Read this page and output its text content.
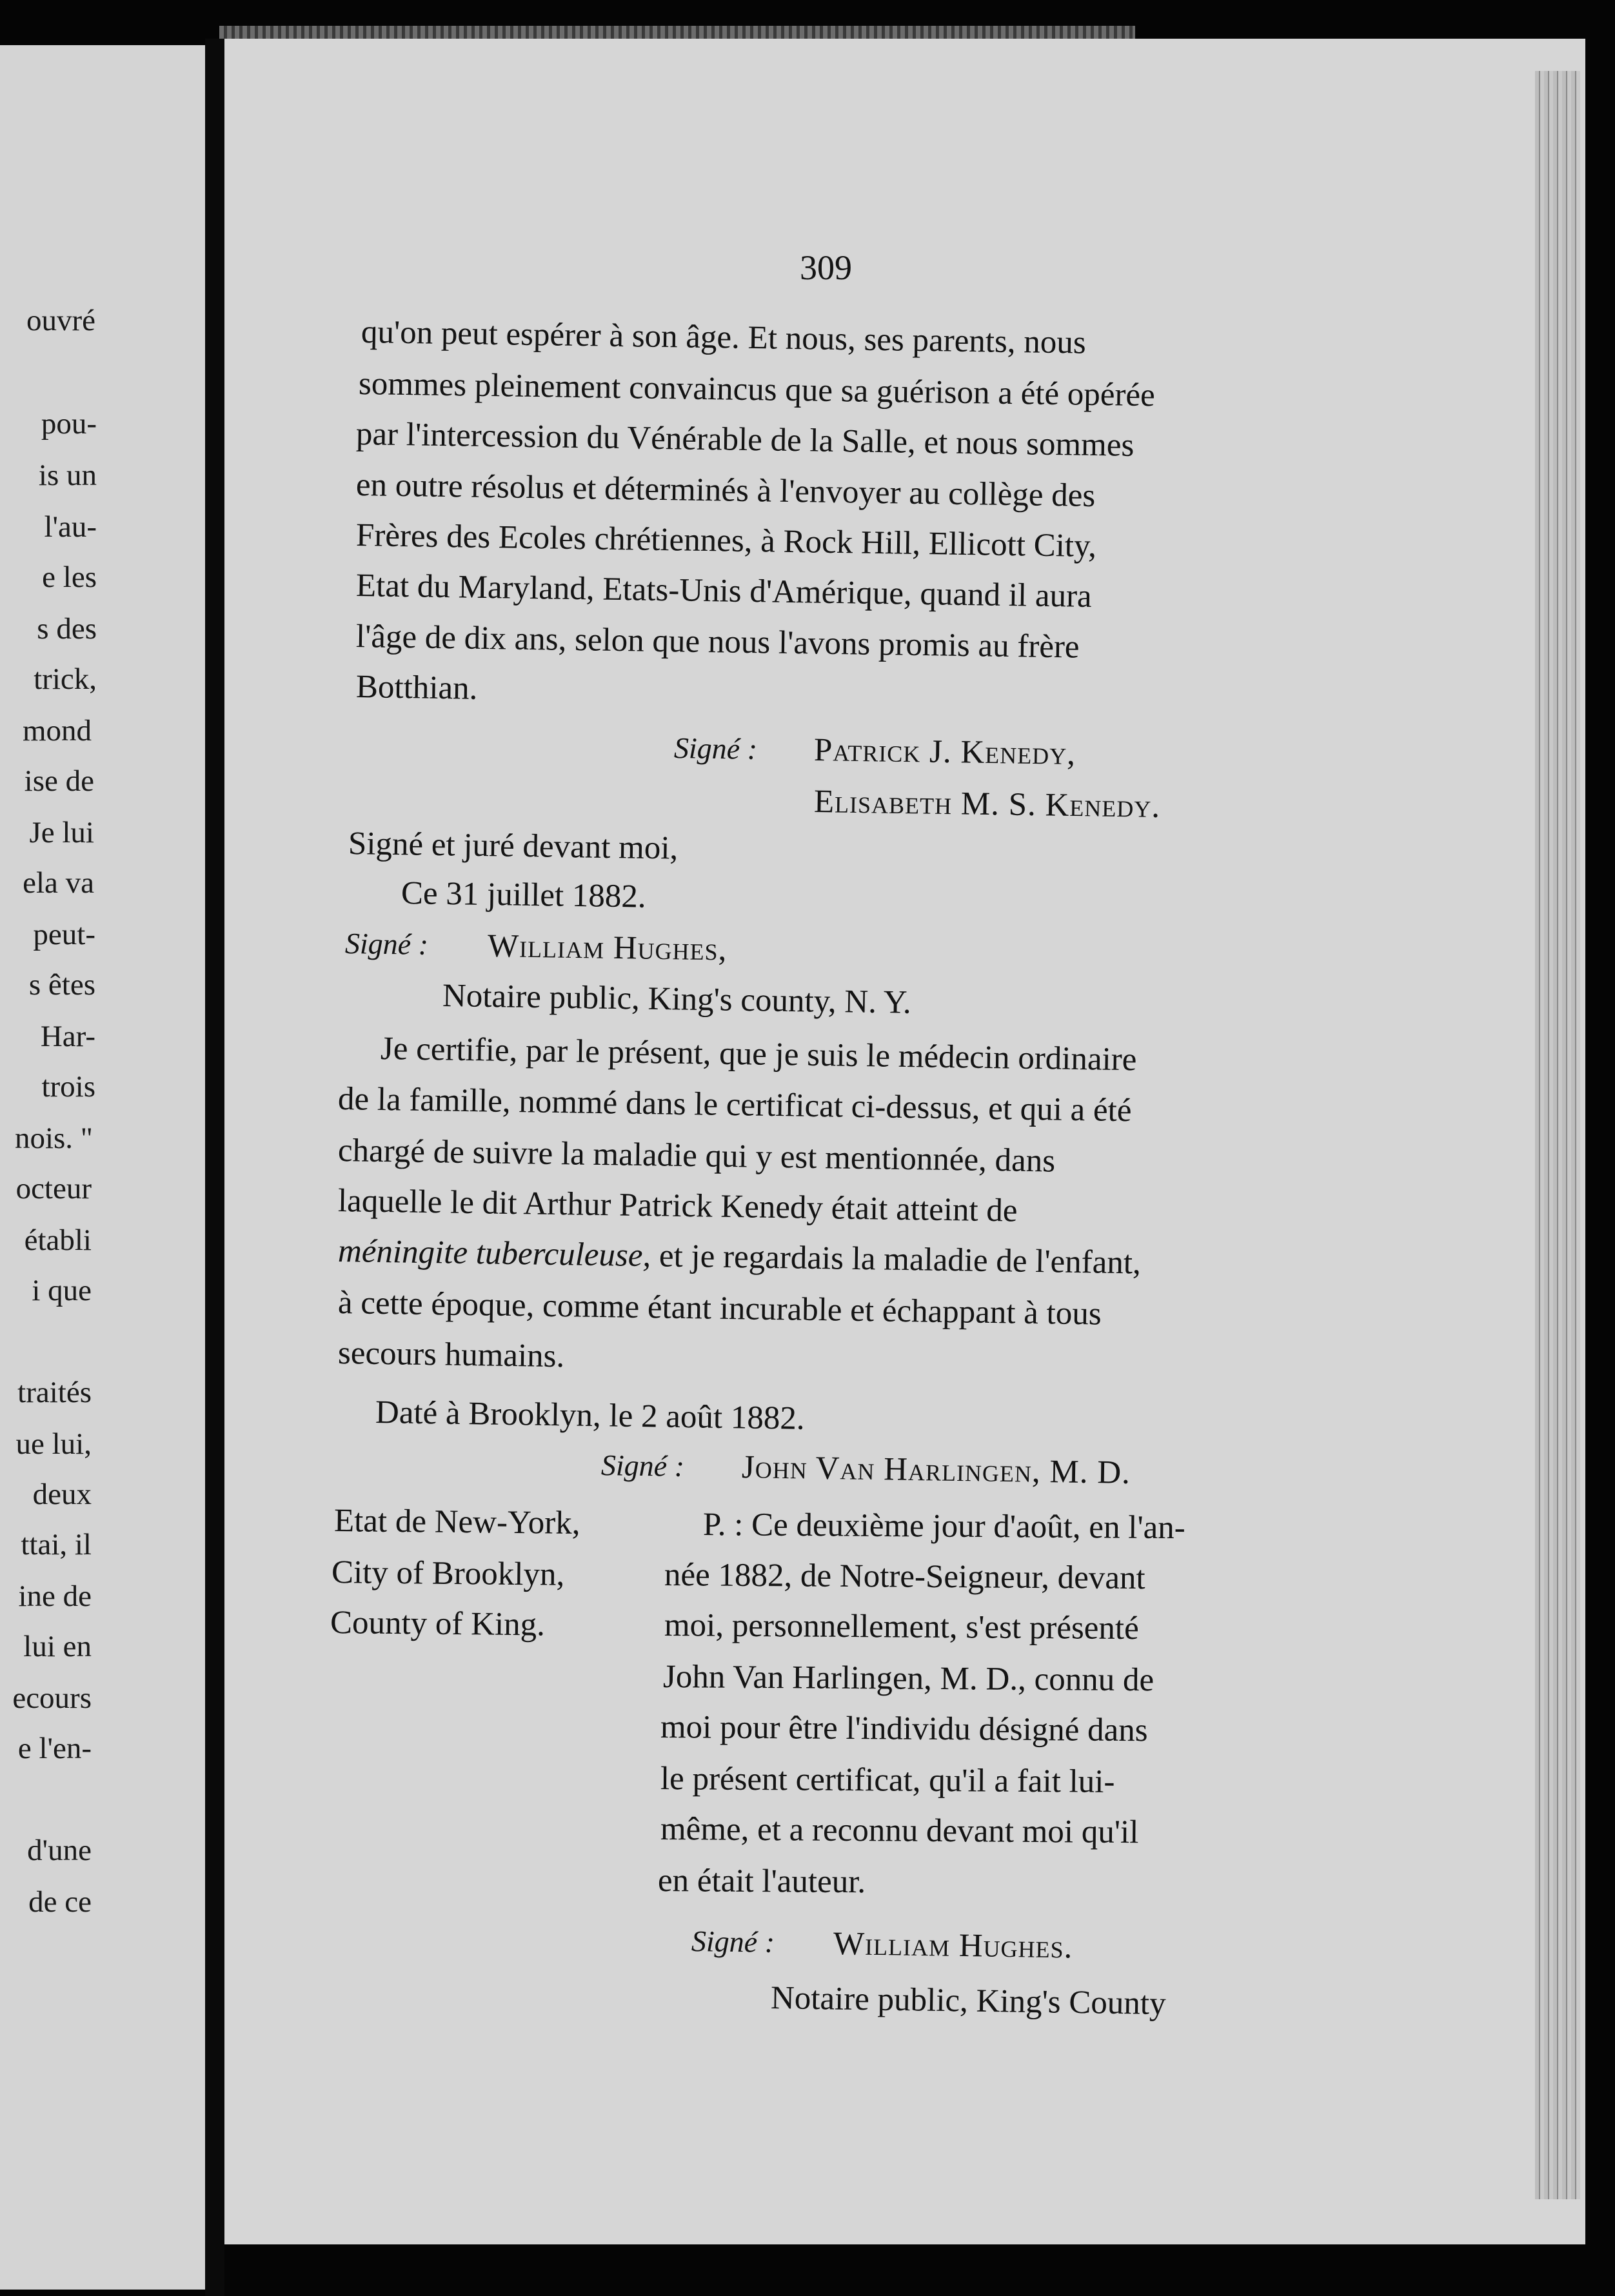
ouvré
pou-
is un
l'au-
e les
s des
trick,
mond
ise de
Je lui
ela va
peut-
s êtes
Har-
trois
nois. "
octeur
établi
i que
traités
ue lui,
deux
ttai, il
ine de
lui en
ecours
e l'en-
d'une
de ce
309
qu'on peut espérer à son âge. Et nous, ses parents, nous
sommes pleinement convaincus que sa guérison a été opérée
par l'intercession du Vénérable de la Salle, et nous sommes
en outre résolus et déterminés à l'envoyer au collège des
Frères des Ecoles chrétiennes, à Rock Hill, Ellicott City,
Etat du Maryland, Etats-Unis d'Amérique, quand il aura
l'âge de dix ans, selon que nous l'avons promis au frère
Botthian.
Signé : Patrick J. Kenedy,
Elisabeth M. S. Kenedy.
Signé et juré devant moi,
Ce 31 juillet 1882.
Signé : William Hughes,
Notaire public, King's county, N. Y.
Je certifie, par le présent, que je suis le médecin ordinaire
de la famille, nommé dans le certificat ci-dessus, et qui a été
chargé de suivre la maladie qui y est mentionnée, dans
laquelle le dit Arthur Patrick Kenedy était atteint de
méningite tuberculeuse, et je regardais la maladie de l'enfant,
à cette époque, comme étant incurable et échappant à tous
secours humains.
Daté à Brooklyn, le 2 août 1882.
Signé : John Van Harlingen, M. D.
Etat de New-York,
City of Brooklyn,
County of King.
P. : Ce deuxième jour d'août, en l'an-
née 1882, de Notre-Seigneur, devant
moi, personnellement, s'est présenté
John Van Harlingen, M. D., connu de
moi pour être l'individu désigné dans
le présent certificat, qu'il a fait lui-
même, et a reconnu devant moi qu'il
en était l'auteur.
Signé : William Hughes.
Notaire public, King's County
